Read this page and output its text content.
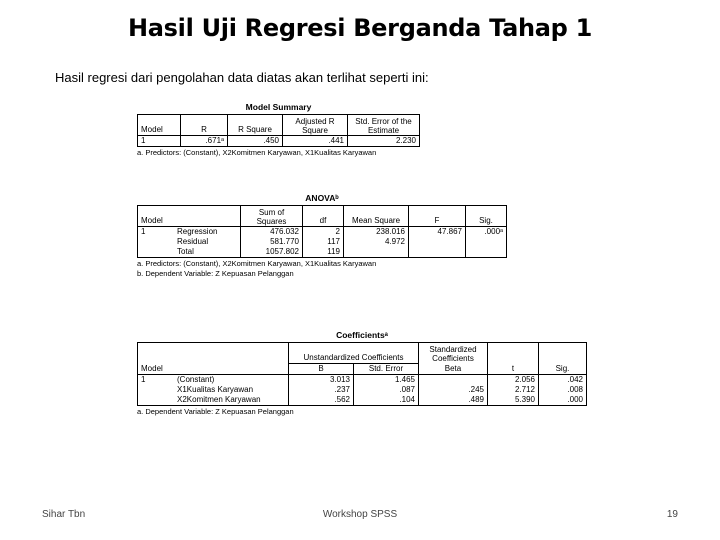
Hasil Uji Regresi Berganda Tahap 1
Hasil regresi dari pengolahan data diatas akan terlihat seperti ini:
Model Summary
Model	R	R Square	Adjusted R Square	Std. Error of the Estimate
1	.671ᵃ	.450	.441	2.230
a. Predictors: (Constant), X2Komitmen Karyawan, X1Kualitas Karyawan
ANOVAᵇ
Model		Sum of Squares	df	Mean Square	F	Sig.
1	Regression	476.032	2	238.016	47.867	.000ᵃ
	Residual	581.770	117	4.972		
	Total	1057.802	119			
a. Predictors: (Constant), X2Komitmen Karyawan, X1Kualitas Karyawan
b. Dependent Variable: Z Kepuasan Pelanggan
Coefficientsᵃ
		Unstandardized Coefficients		Standardized Coefficients		
Model		B	Std. Error	Beta	t	Sig.
1	(Constant)	3.013	1.465		2.056	.042
	X1Kualitas Karyawan	.237	.087	.245	2.712	.008
	X2Komitmen Karyawan	.562	.104	.489	5.390	.000
a. Dependent Variable: Z Kepuasan Pelanggan
Sihar Tbn	Workshop SPSS	19
